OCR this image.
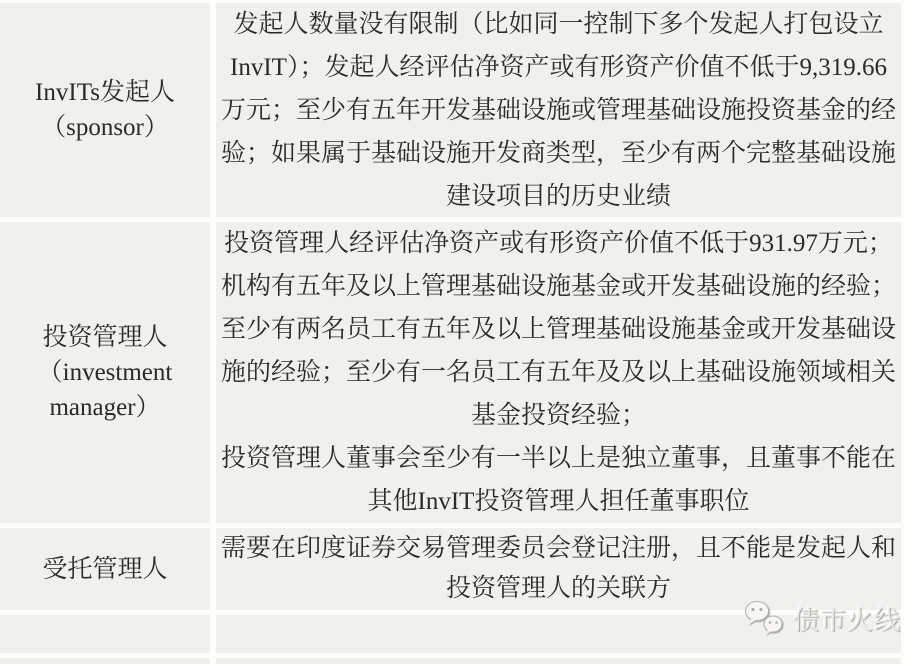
InvITs发起人
（sponsor）
发起人数量没有限制（比如同一控制下多个发起人打包设立
InvIT）；发起人经评估净资产或有形资产价值不低于9,319.66
万元；至少有五年开发基础设施或管理基础设施投资基金的经
验；如果属于基础设施开发商类型，至少有两个完整基础设施
建设项目的历史业绩
投资管理人
（investment
manager）
投资管理人经评估净资产或有形资产价值不低于931.97万元；
机构有五年及以上管理基础设施基金或开发基础设施的经验；
至少有两名员工有五年及以上管理基础设施基金或开发基础设
施的经验；至少有一名员工有五年及及以上基础设施领域相关
基金投资经验；
投资管理人董事会至少有一半以上是独立董事，且董事不能在
其他InvIT投资管理人担任董事职位
受托管理人
需要在印度证券交易管理委员会登记注册，且不能是发起人和
投资管理人的关联方
债市火线
